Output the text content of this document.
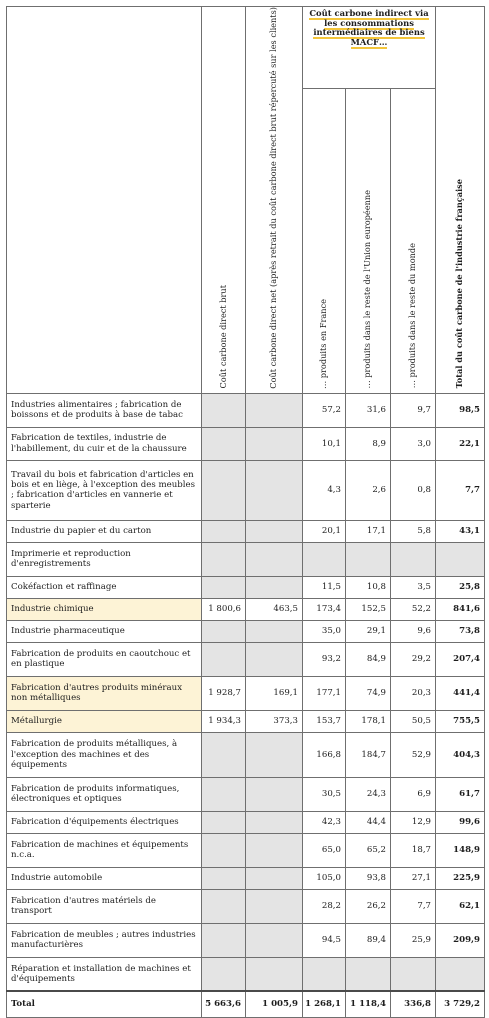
	Coût carbone direct brut	Coût carbone direct net (après retrait du coût carbone direct brut répercuté sur les clients)	Coût carbone indirect via les consommations intermédiaires de biens MACF…			Total du coût carbone de l'industrie française

			… produits en France	… produits dans le reste de l'Union européenne	… produits dans le reste du monde	

Industries alimentaires ; fabrication de boissons et de produits à base de tabac			57,2	31,6	9,7	98,5
Fabrication de textiles, industrie de l'habillement, du cuir et de la chaussure			10,1	8,9	3,0	22,1
Travail du bois et fabrication d'articles en bois et en liège, à l'exception des meubles ; fabrication d'articles en vannerie et sparterie			4,3	2,6	0,8	7,7
Industrie du papier et du carton			20,1	17,1	5,8	43,1
Imprimerie et reproduction d'enregistrements						
Cokéfaction et raffinage			11,5	10,8	3,5	25,8
Industrie chimique	1 800,6	463,5	173,4	152,5	52,2	841,6
Industrie pharmaceutique			35,0	29,1	9,6	73,8
Fabrication de produits en caoutchouc et en plastique			93,2	84,9	29,2	207,4
Fabrication d'autres produits minéraux non métalliques	1 928,7	169,1	177,1	74,9	20,3	441,4
Métallurgie	1 934,3	373,3	153,7	178,1	50,5	755,5
Fabrication de produits métalliques, à l'exception des machines et des équipements			166,8	184,7	52,9	404,3
Fabrication de produits informatiques, électroniques et optiques			30,5	24,3	6,9	61,7
Fabrication d'équipements électriques			42,3	44,4	12,9	99,6
Fabrication de machines et équipements n.c.a.			65,0	65,2	18,7	148,9
Industrie automobile			105,0	93,8	27,1	225,9
Fabrication d'autres matériels de transport			28,2	26,2	7,7	62,1
Fabrication de meubles ; autres industries manufacturières			94,5	89,4	25,9	209,9
Réparation et installation de machines et d'équipements						
Total	5 663,6	1 005,9	1 268,1	1 118,4	336,8	3 729,2
